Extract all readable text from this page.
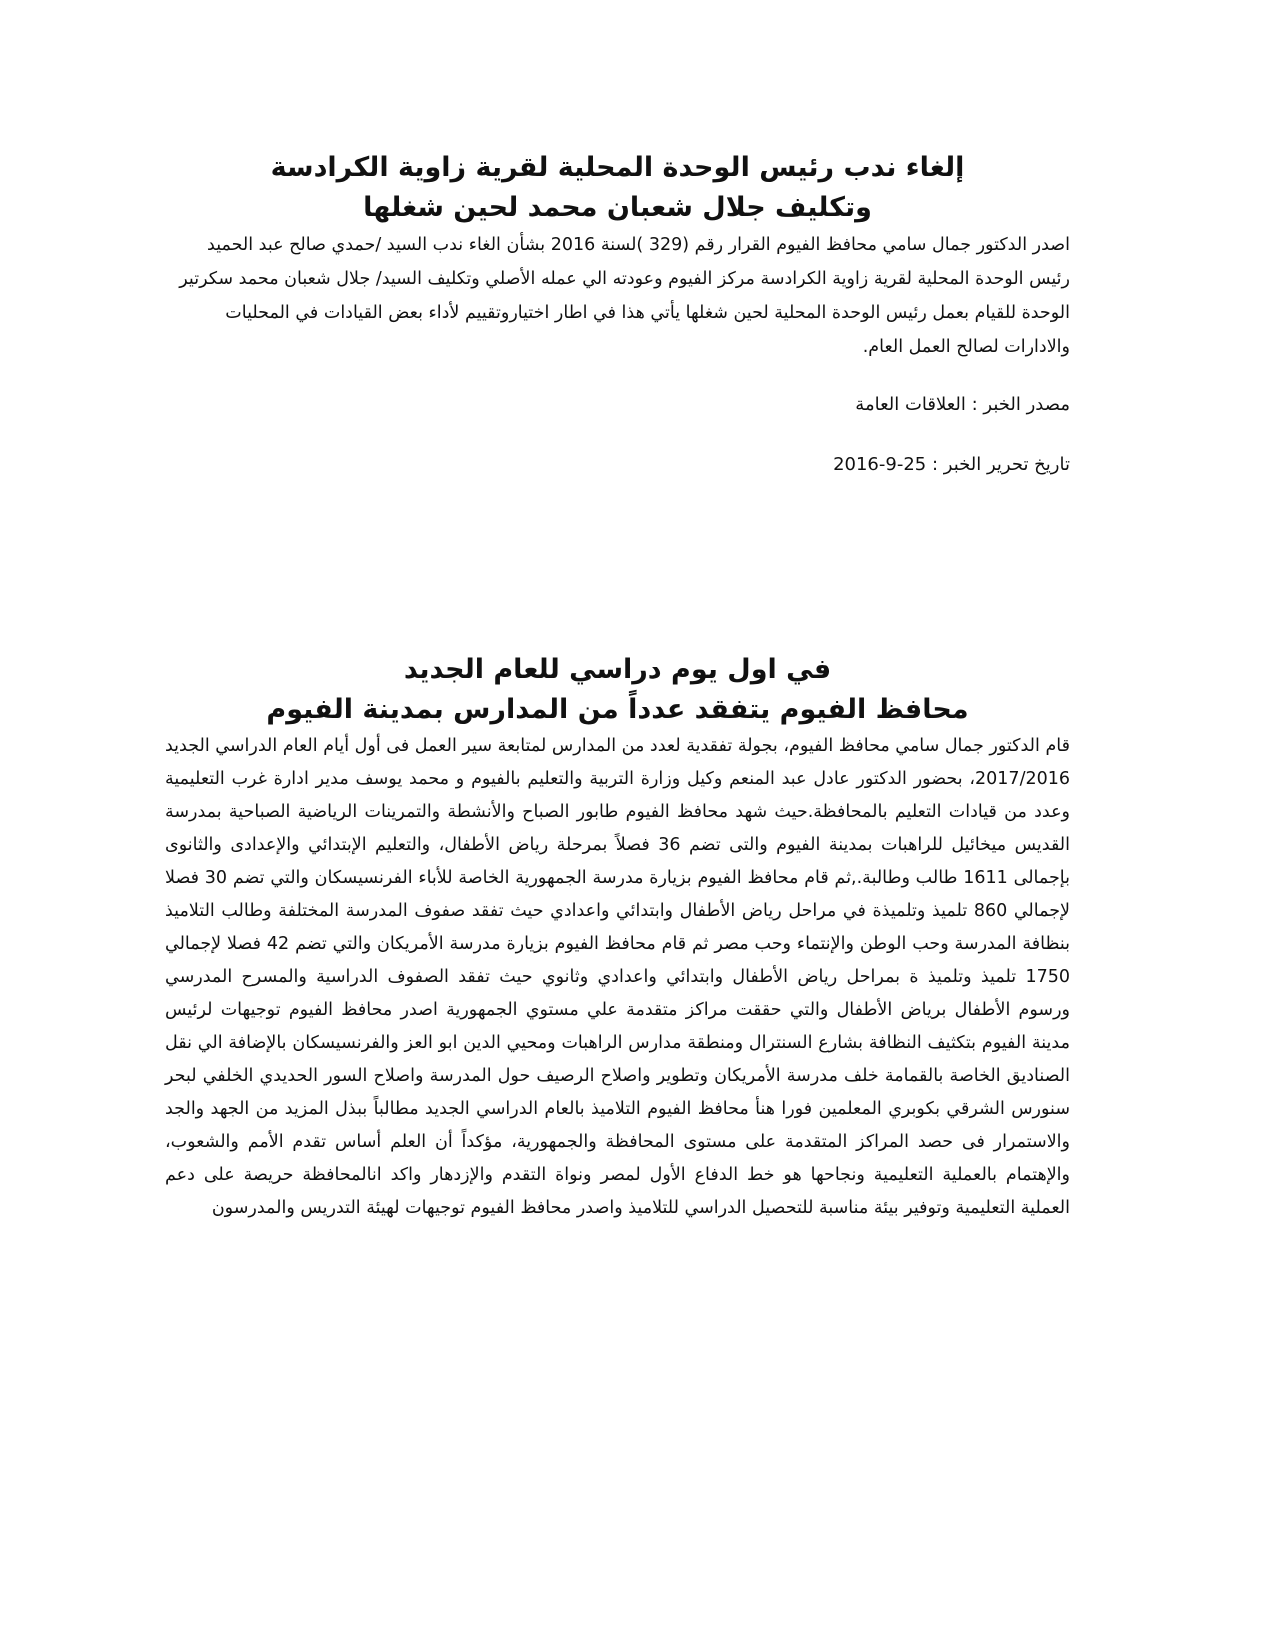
إلغاء ندب رئيس الوحدة المحلية لقرية زاوية الكرادسة
وتكليف جلال شعبان محمد لحين شغلها

اصدر الدكتور جمال سامي محافظ الفيوم القرار رقم (329 )لسنة 2016 بشأن الغاء ندب السيد /حمدي صالح عبد الحميد رئيس الوحدة المحلية لقرية زاوية الكرادسة مركز الفيوم وعودته الي عمله الأصلي وتكليف السيد/ جلال شعبان محمد سكرتير الوحدة للقيام بعمل رئيس الوحدة المحلية لحين شغلها يأتي هذا في اطار اختياروتقييم لأداء بعض القيادات في المحليات والادارات لصالح العمل العام.

مصدر الخبر : العلاقات العامة

تاريخ تحرير الخبر : 25-9-2016

في اول يوم دراسي للعام الجديد
محافظ الفيوم يتفقد عدداً من المدارس بمدينة الفيوم

قام الدكتور جمال سامي محافظ الفيوم، بجولة تفقدية لعدد من المدارس لمتابعة سير العمل فى أول أيام العام الدراسي الجديد 2017/2016، بحضور الدكتور عادل عبد المنعم وكيل وزارة التربية والتعليم بالفيوم و محمد يوسف مدير ادارة غرب التعليمية وعدد من قيادات التعليم بالمحافظة.حيث شهد محافظ الفيوم طابور الصباح والأنشطة والتمرينات الرياضية الصباحية بمدرسة القديس ميخائيل للراهبات بمدينة الفيوم والتى تضم 36 فصلاً بمرحلة رياض الأطفال، والتعليم الإبتدائي والإعدادى والثانوى بإجمالى 1611 طالب وطالبة.,ثم قام محافظ الفيوم بزيارة مدرسة الجمهورية الخاصة للأباء الفرنسيسكان والتي تضم 30 فصلا لإجمالي 860 تلميذ وتلميذة في مراحل رياض الأطفال وابتدائي واعدادي حيث تفقد صفوف المدرسة المختلفة وطالب التلاميذ بنظافة المدرسة وحب الوطن والإنتماء وحب مصر ثم قام محافظ الفيوم بزيارة مدرسة الأمريكان والتي تضم 42 فصلا لإجمالي 1750 تلميذ وتلميذ ة بمراحل رياض الأطفال وابتدائي واعدادي وثانوي حيث تفقد الصفوف الدراسية والمسرح المدرسي ورسوم الأطفال برياض الأطفال والتي حققت مراكز متقدمة علي مستوي الجمهورية اصدر محافظ الفيوم توجيهات لرئيس مدينة الفيوم بتكثيف النظافة بشارع السنترال ومنطقة مدارس الراهبات ومحيي الدين ابو العز والفرنسيسكان بالإضافة الي نقل الصناديق الخاصة بالقمامة خلف مدرسة الأمريكان وتطوير واصلاح الرصيف حول المدرسة واصلاح السور الحديدي الخلفي لبحر سنورس الشرقي بكوبري المعلمين فورا هنأ محافظ الفيوم التلاميذ بالعام الدراسي الجديد مطالباً ببذل المزيد من الجهد والجد والاستمرار فى حصد المراكز المتقدمة على مستوى المحافظة والجمهورية، مؤكداً أن العلم أساس تقدم الأمم والشعوب، والإهتمام بالعملية التعليمية ونجاحها هو خط الدفاع الأول لمصر ونواة التقدم والإزدهار واكد انالمحافظة حريصة على دعم العملية التعليمية وتوفير بيئة مناسبة للتحصيل الدراسي للتلاميذ واصدر محافظ الفيوم توجيهات لهيئة التدريس والمدرسون
